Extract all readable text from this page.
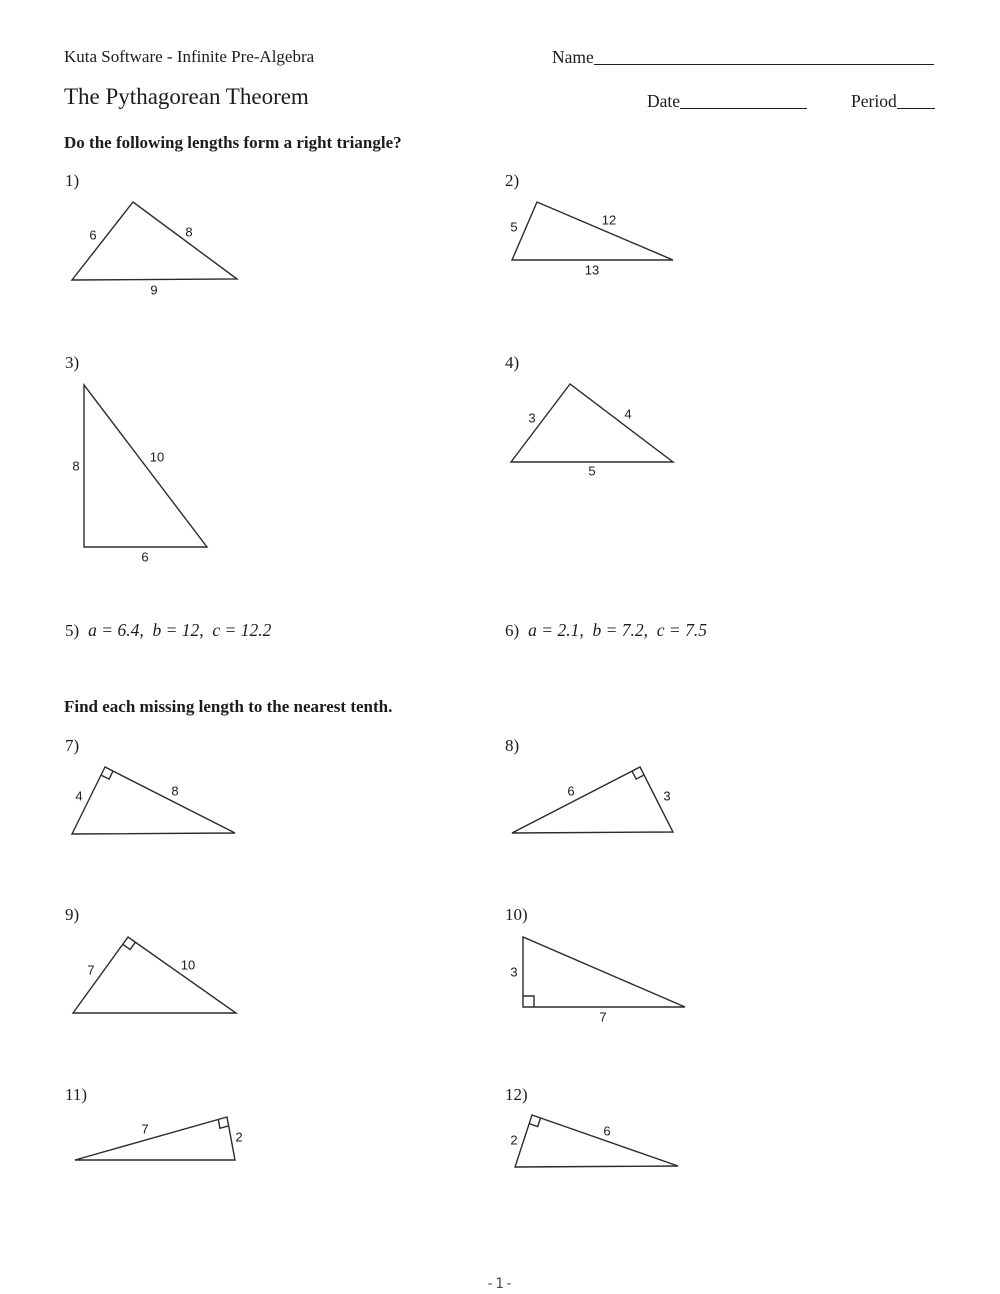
Kuta Software - Infinite Pre-Algebra	Name
The Pythagorean Theorem	Date	Period
Do the following lengths form a right triangle?
1)
6	8
9
2)
5	12
13
3)
8
10
6
4)
3	4
5
5) a = 6.4,  b = 12,  c = 12.2	6) a = 2.1,  b = 7.2,  c = 7.5
Find each missing length to the nearest tenth.
7)
4	8
8)
6	3
9)
7	10
10)
3
7
11)
7
2
12)
2
6
-1-
